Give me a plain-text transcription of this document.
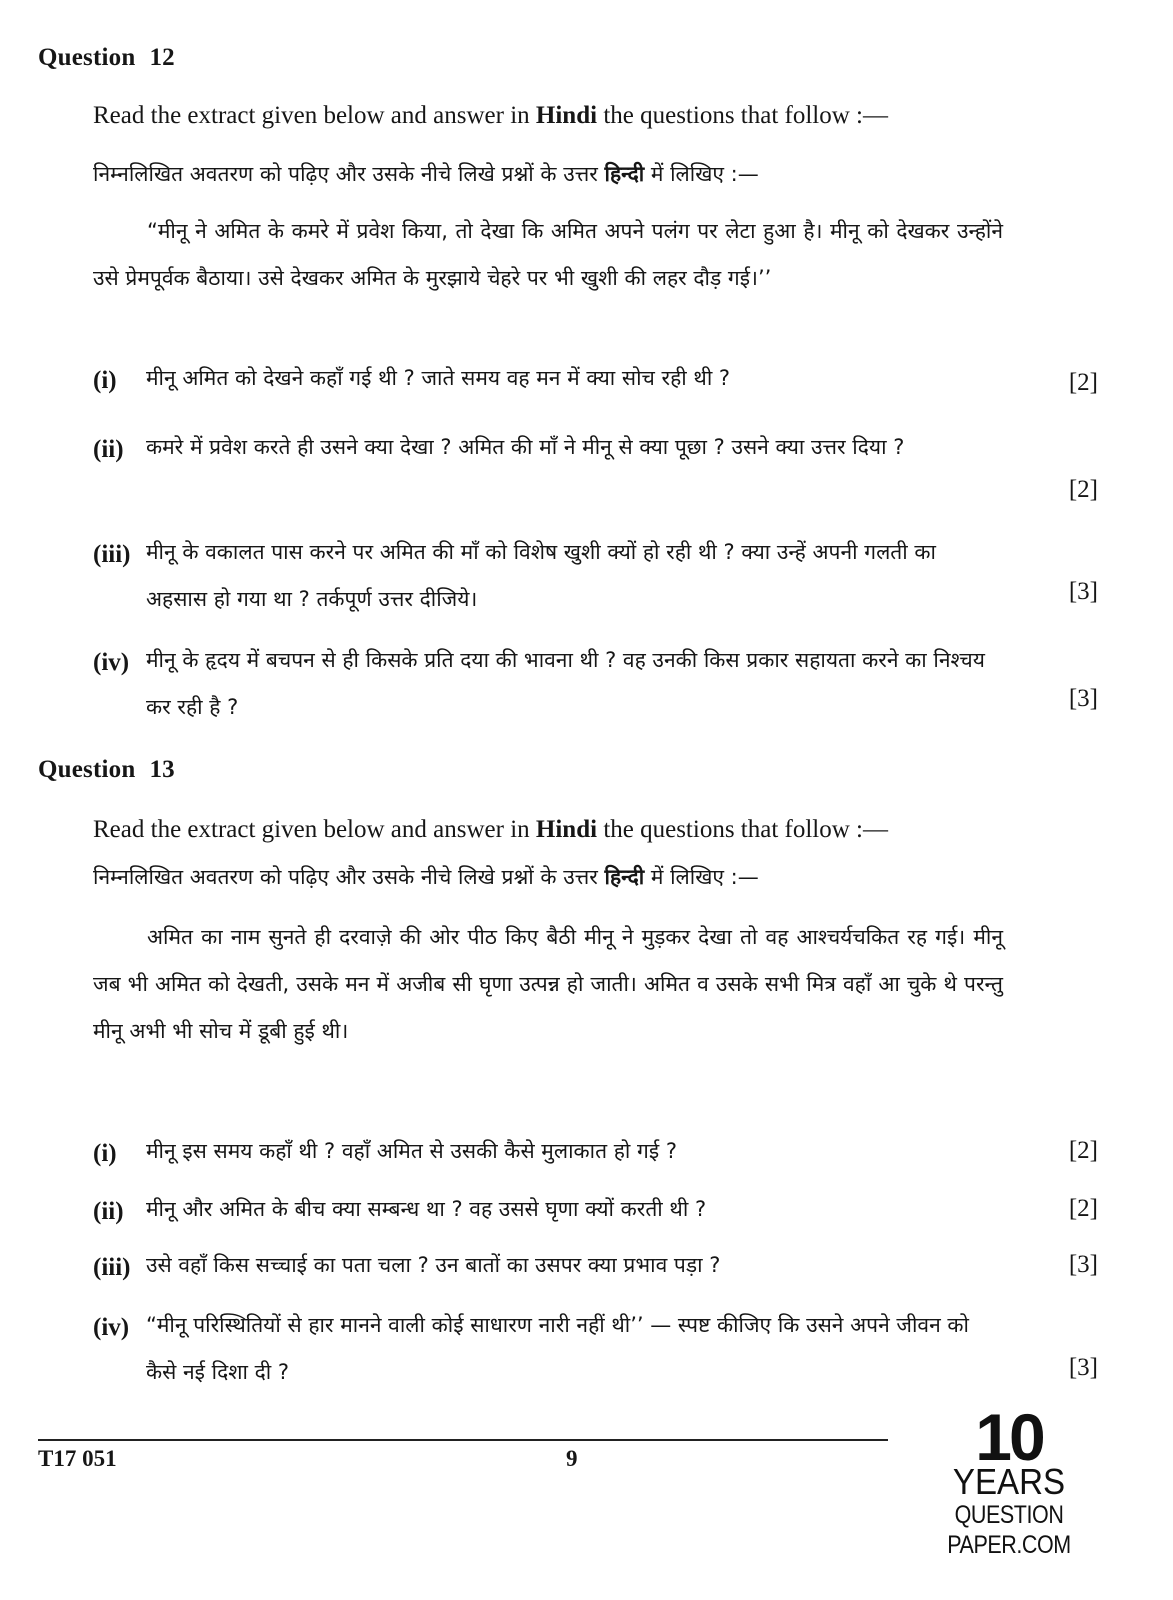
Question 12
Read the extract given below and answer in Hindi the questions that follow :—
निम्नलिखित अवतरण को पढ़िए और उसके नीचे लिखे प्रश्नों के उत्तर हिन्दी में लिखिए :—
“मीनू ने अमित के कमरे में प्रवेश किया, तो देखा कि अमित अपने पलंग पर लेटा हुआ है। मीनू को देखकर उन्होंने उसे प्रेमपूर्वक बैठाया। उसे देखकर अमित के मुरझाये चेहरे पर भी खुशी की लहर दौड़ गई।’’
(i) मीनू अमित को देखने कहाँ गई थी ? जाते समय वह मन में क्या सोच रही थी ?	[2]
(ii) कमरे में प्रवेश करते ही उसने क्या देखा ? अमित की माँ ने मीनू से क्या पूछा ? उसने क्या उत्तर दिया ?
[2]
(iii) मीनू के वकालत पास करने पर अमित की माँ को विशेष खुशी क्यों हो रही थी ? क्या उन्हें अपनी गलती का अहसास हो गया था ? तर्कपूर्ण उत्तर दीजिये।	[3]
(iv) मीनू के हृदय में बचपन से ही किसके प्रति दया की भावना थी ? वह उनकी किस प्रकार सहायता करने का निश्चय कर रही है ?	[3]
Question 13
Read the extract given below and answer in Hindi the questions that follow :—
निम्नलिखित अवतरण को पढ़िए और उसके नीचे लिखे प्रश्नों के उत्तर हिन्दी में लिखिए :—
अमित का नाम सुनते ही दरवाज़े की ओर पीठ किए बैठी मीनू ने मुड़कर देखा तो वह आश्चर्यचकित रह गई। मीनू जब भी अमित को देखती, उसके मन में अजीब सी घृणा उत्पन्न हो जाती। अमित व उसके सभी मित्र वहाँ आ चुके थे परन्तु मीनू अभी भी सोच में डूबी हुई थी।
(i) मीनू इस समय कहाँ थी ? वहाँ अमित से उसकी कैसे मुलाकात हो गई ?	[2]
(ii) मीनू और अमित के बीच क्या सम्बन्ध था ? वह उससे घृणा क्यों करती थी ?	[2]
(iii) उसे वहाँ किस सच्चाई का पता चला ? उन बातों का उसपर क्या प्रभाव पड़ा ?	[3]
(iv) “मीनू परिस्थितियों से हार मानने वाली कोई साधारण नारी नहीं थी’’ — स्पष्ट कीजिए कि उसने अपने जीवन को कैसे नई दिशा दी ?	[3]
T17 051	9	10
YEARS
QUESTION PAPER.COM
